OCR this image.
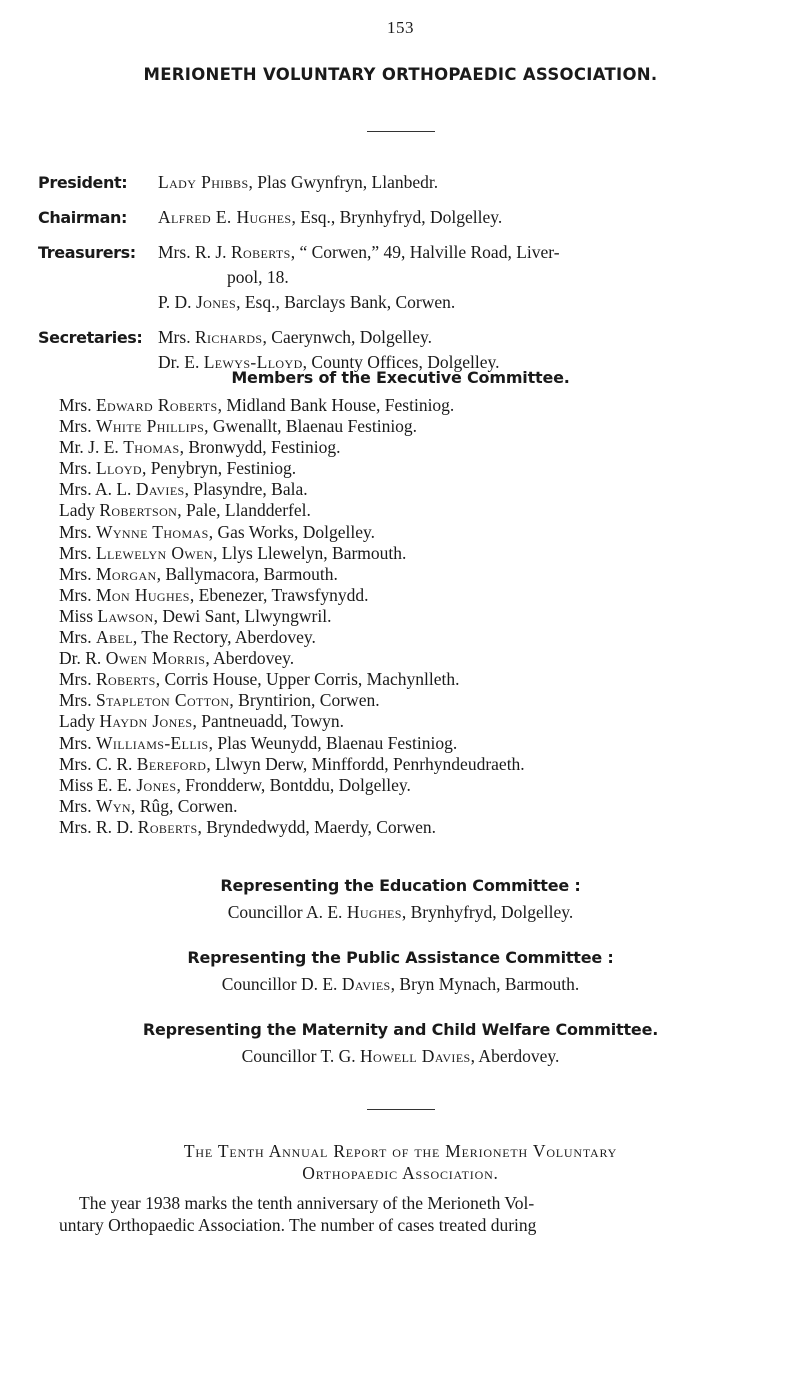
153
MERIONETH VOLUNTARY ORTHOPAEDIC ASSOCIATION.
President:	Lady Phibbs, Plas Gwynfryn, Llanbedr.
Chairman:	Alfred E. Hughes, Esq., Brynhyfryd, Dolgelley.
Treasurers:	Mrs. R. J. Roberts, “ Corwen,” 49, Halville Road, Liver-
pool, 18.
P. D. Jones, Esq., Barclays Bank, Corwen.
Secretaries: Mrs. Richards, Caerynwch, Dolgelley.
Dr. E. Lewys-Lloyd, County Offices, Dolgelley.
Members of the Executive Committee.
Mrs. Edward Roberts, Midland Bank House, Festiniog.
Mrs. White Phillips, Gwenallt, Blaenau Festiniog.
Mr. J. E. Thomas, Bronwydd, Festiniog.
Mrs. Lloyd, Penybryn, Festiniog.
Mrs. A. L. Davies, Plasyndre, Bala.
Lady Robertson, Pale, Llandderfel.
Mrs. Wynne Thomas, Gas Works, Dolgelley.
Mrs. Llewelyn Owen, Llys Llewelyn, Barmouth.
Mrs. Morgan, Ballymacora, Barmouth.
Mrs. Mon Hughes, Ebenezer, Trawsfynydd.
Miss Lawson, Dewi Sant, Llwyngwril.
Mrs. Abel, The Rectory, Aberdovey.
Dr. R. Owen Morris, Aberdovey.
Mrs. Roberts, Corris House, Upper Corris, Machynlleth.
Mrs. Stapleton Cotton, Bryntirion, Corwen.
Lady Haydn Jones, Pantneuadd, Towyn.
Mrs. Williams-Ellis, Plas Weunydd, Blaenau Festiniog.
Mrs. C. R. Bereford, Llwyn Derw, Minffordd, Penrhyndeudraeth.
Miss E. E. Jones, Frondderw, Bontddu, Dolgelley.
Mrs. Wyn, Rûg, Corwen.
Mrs. R. D. Roberts, Bryndedwydd, Maerdy, Corwen.
Representing the Education Committee :
Councillor A. E. Hughes, Brynhyfryd, Dolgelley.
Representing the Public Assistance Committee :
Councillor D. E. Davies, Bryn Mynach, Barmouth.
Representing the Maternity and Child Welfare Committee.
Councillor T. G. Howell Davies, Aberdovey.
The Tenth Annual Report of the Merioneth Voluntary
Orthopaedic Association.
The year 1938 marks the tenth anniversary of the Merioneth Vol-
untary Orthopaedic Association. The number of cases treated during
